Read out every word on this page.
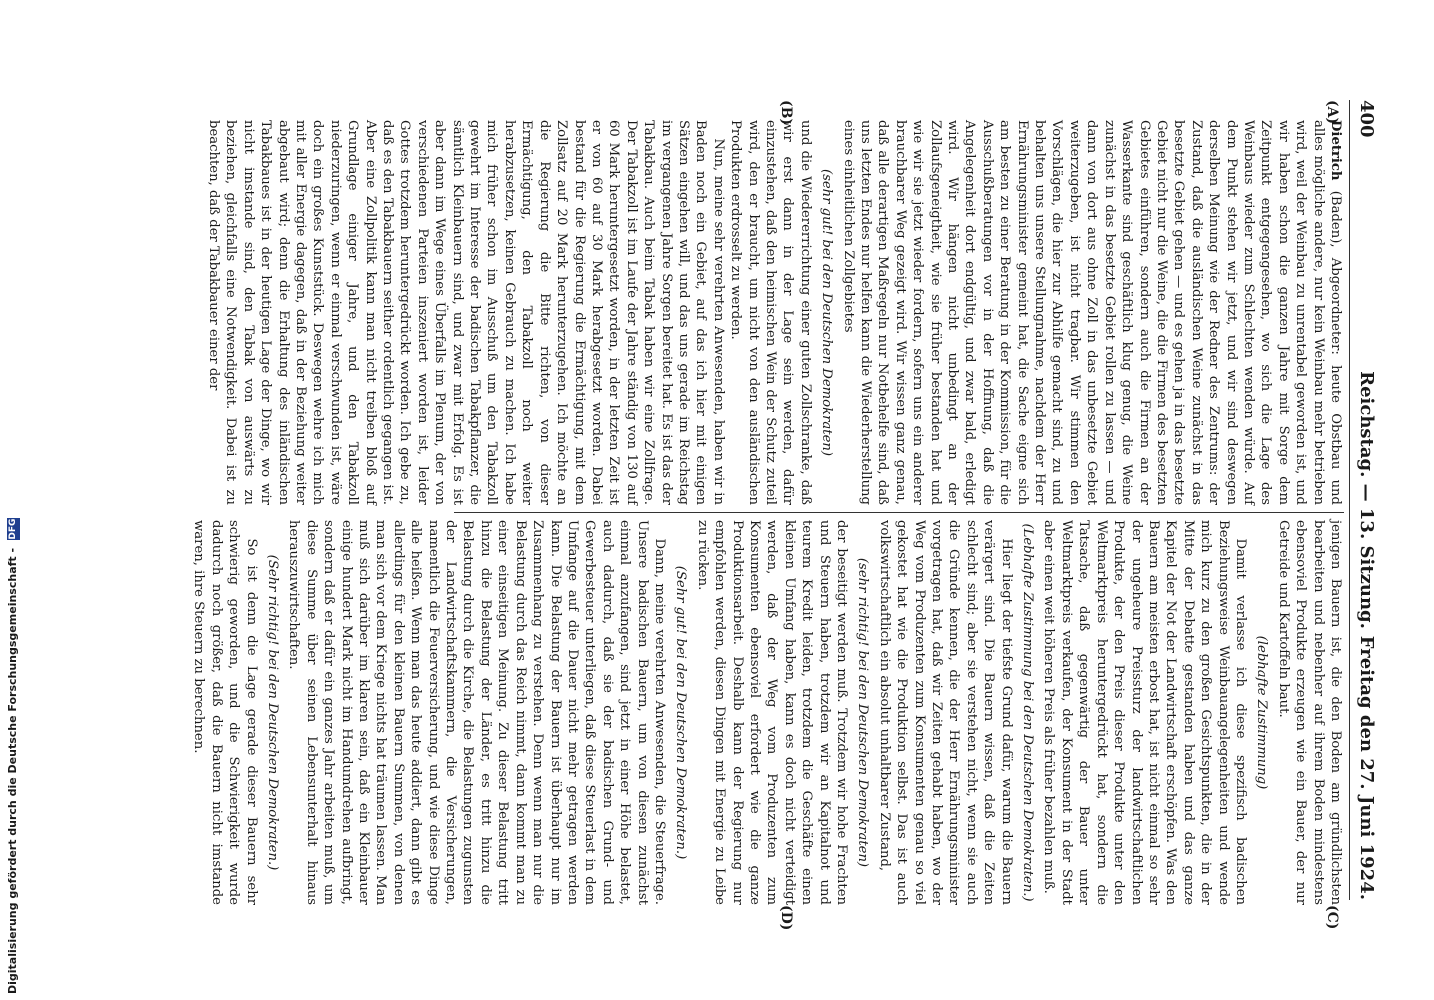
400
Reichstag. — 13. Sitzung.
Freitag den 27. Juni 1924.
(A)
(B)
(C)
(D)

Dietrich (Baden), Abgeordneter: heute Obstbau und alles mögliche andere, nur kein Weinbau mehr betrieben wird, weil der Weinbau zu unrentabel geworden ist, und wir haben schon die ganzen Jahre mit Sorge dem Zeitpunkt entgegengesehen, wo sich die Lage des Weinbaus wieder zum Schlechten wenden würde. Auf dem Punkt stehen wir jetzt, und wir sind deswegen derselben Meinung wie der Redner des Zentrums: der Zustand, daß die ausländischen Weine zunächst in das besetzte Gebiet gehen — und es gehen ja in das besetzte Gebiet nicht nur die Weine, die die Firmen des besetzten Gebietes einführen, sondern auch die Firmen an der Wasserkante sind geschäftlich klug genug, die Weine zunächst in das besetzte Gebiet rollen zu lassen — und dann von dort aus ohne Zoll in das unbesetzte Gebiet weiterzugeben, ist nicht tragbar. Wir stimmen den Vorschlägen, die hier zur Abhilfe gemacht sind, zu und behalten uns unsere Stellungnahme, nachdem der Herr Ernährungsminister gemeint hat, die Sache eigne sich am besten zu einer Beratung in der Kommission, für die Ausschußberatungen vor in der Hoffnung, daß die Angelegenheit dort endgültig, und zwar bald, erledigt wird. Wir hängen nicht unbedingt an der Zollaufsgeneigtheit, wie sie früher bestanden hat und wie wir sie jetzt wieder fordern, sofern uns ein anderer brauchbarer Weg gezeigt wird. Wir wissen ganz genau, daß alle derartigen Maßregeln nur Notbehelfe sind, daß uns letzten Endes nur helfen kann die Wiederherstellung eines einheitlichen Zollgebietes

(sehr gut! bei den Deutschen Demokraten)

und die Wiedererrichtung einer guten Zollschranke, daß wir erst dann in der Lage sein werden, dafür einzustehen, daß den heimischen Wein der Schutz zuteil wird, den er braucht, um nicht von den ausländischen Produkten erdrosselt zu werden.

Nun, meine sehr verehrten Anwesenden, haben wir in Baden noch ein Gebiet, auf das ich hier mit einigen Sätzen eingehen will, und das uns gerade im Reichstag im vergangenen Jahre Sorgen bereitet hat. Es ist das der Tabakbau. Auch beim Tabak haben wir eine Zollfrage. Der Tabakzoll ist im Laufe der Jahre ständig von 130 auf 60 Mark heruntergesetzt worden, in der letzten Zeit ist er von 60 auf 30 Mark herabgesetzt worden. Dabei bestand für die Regierung die Ermächtigung, mit dem Zollsatz auf 20 Mark herunterzugehen. Ich möchte an die Regierung die Bitte richten, von dieser Ermächtigung, den Tabakzoll noch weiter herabzusetzen, keinen Gebrauch zu machen. Ich habe mich früher schon im Ausschuß um den Tabakzoll gewehrt im Interesse der badischen Tabakpflanzer, die sämtlich Kleinbauern sind, und zwar mit Erfolg. Es ist aber dann im Wege eines Überfalls im Plenum, der von verschiedenen Parteien inszeniert worden ist, leider Gottes trotzdem heruntergedrückt worden. Ich gebe zu, daß es den Tabakbauern seither ordentlich gegangen ist. Aber eine Zollpolitik kann man nicht treiben bloß auf Grundlage einiger Jahre, und den Tabakzoll niederzuringen, wenn er einmal verschwunden ist, wäre doch ein großes Kunststück. Deswegen wehre ich mich mit aller Energie dagegen, daß in der Beziehung weiter abgebaut wird; denn die Erhaltung des inländischen Tabakbaues ist in der heutigen Lage der Dinge, wo wir nicht imstande sind, den Tabak von auswärts zu beziehen, gleichfalls eine Notwendigkeit. Dabei ist zu beachten, daß der Tabakbauer einer der

jenigen Bauern ist, die den Boden am gründlichsten bearbeiten und nebenher auf ihrem Boden mindestens ebensoviel Produkte erzeugen wie ein Bauer, der nur Getreide und Kartoffeln baut.

(lebhafte Zustimmung)

Damit verlasse ich diese spezifisch badischen Beziehungsweise Weinbauangelegenheiten und wende mich kurz zu den großen Gesichtspunkten, die in der Mitte der Debatte gestanden haben und das ganze Kapitel der Not der Landwirtschaft erschöpfen. Was den Bauern am meisten erbost hat, ist nicht einmal so sehr der ungeheure Preissturz der landwirtschaftlichen Produkte, der den Preis dieser Produkte unter den Weltmarktpreis heruntergedrückt hat, sondern die Tatsache, daß gegenwärtig der Bauer unter Weltmarktpreis verkaufen, der Konsument in der Stadt aber einen weit höheren Preis als früher bezahlen muß.

(Lebhafte Zustimmung bei den Deutschen Demokraten.)

Hier liegt der tiefste Grund dafür, warum die Bauern verärgert sind. Die Bauern wissen, daß die Zeiten schlecht sind; aber sie verstehen nicht, wenn sie auch die Gründe kennen, die der Herr Ernährungsminister vorgetragen hat, daß wir Zeiten gehabt haben, wo der Weg vom Produzenten zum Konsumenten genau so viel gekostet hat wie die Produktion selbst. Das ist auch volkswirtschaftlich ein absolut unhaltbarer Zustand,

(sehr richtig! bei den Deutschen Demokraten)

der beseitigt werden muß. Trotzdem wir hohe Frachten und Steuern haben, trotzdem wir an Kapitalnot und teurem Kredit leiden, trotzdem die Geschäfte einen kleinen Umfang haben, kann es doch nicht verteidigt werden, daß der Weg vom Produzenten zum Konsumenten ebensoviel erfordert wie die ganze Produktionsarbeit. Deshalb kann der Regierung nur empfohlen werden, diesen Dingen mit Energie zu Leibe zu rücken.

(Sehr gut! bei den Deutschen Demokraten.)

Dann, meine verehrten Anwesenden, die Steuerfrage. Unsere badischen Bauern, um von diesen zunächst einmal anzufangen, sind jetzt in einer Höhe belastet, auch dadurch, daß sie der badischen Grund- und Gewerbesteuer unterliegen, daß diese Steuerlast in dem Umfange auf die Dauer nicht mehr getragen werden kann. Die Belastung der Bauern ist überhaupt nur im Zusammenhang zu verstehen. Denn wenn man nur die Belastung durch das Reich nimmt, dann kommt man zu einer einseitigen Meinung. Zu dieser Belastung tritt hinzu die Belastung der Länder, es tritt hinzu die Belastung durch die Kirche, die Belastungen zugunsten der Landwirtschaftskammern, die Versicherungen, namentlich die Feuerversicherung, und wie diese Dinge alle heißen. Wenn man das heute addiert, dann gibt es allerdings für den kleinen Bauern Summen, von denen man sich vor dem Kriege nichts hat träumen lassen. Man muß sich darüber im klaren sein, daß ein Kleinbauer einige hundert Mark nicht im Handumdrehen aufbringt, sondern daß er dafür ein ganzes Jahr arbeiten muß, um diese Summe über seinen Lebensunterhalt hinaus herauszuwirtschaften.

(Sehr richtig! bei den Deutschen Demokraten.)

So ist denn die Lage gerade dieser Bauern sehr schwierig geworden, und die Schwierigkeit wurde dadurch noch größer, daß die Bauern nicht imstande waren, ihre Steuern zu berechnen.

Digitalisierung gefördert durch die Deutsche Forschungsgemeinschaft - DFG
